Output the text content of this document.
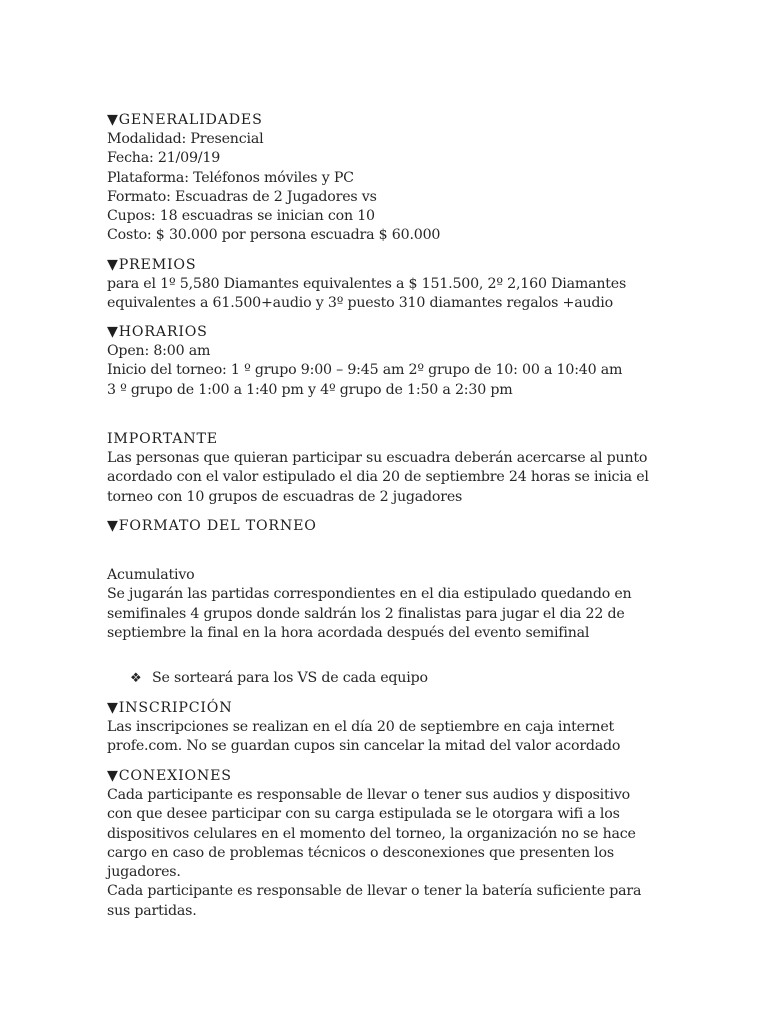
▼GENERALIDADES
Modalidad: Presencial
Fecha: 21/09/19
Plataforma: Teléfonos móviles y PC
Formato: Escuadras de 2 Jugadores vs
Cupos: 18 escuadras se inician con 10
Costo: $ 30.000 por persona escuadra $ 60.000
▼PREMIOS
para el 1º 5,580 Diamantes equivalentes a $ 151.500, 2º 2,160 Diamantes
equivalentes a 61.500+audio y 3º puesto 310 diamantes regalos +audio
▼HORARIOS
Open: 8:00 am
Inicio del torneo: 1 º grupo 9:00 – 9:45 am 2º grupo de 10: 00 a 10:40 am
3 º grupo de 1:00 a 1:40 pm y 4º grupo de 1:50 a 2:30 pm
IMPORTANTE
Las personas que quieran participar su escuadra deberán acercarse al punto
acordado con el valor estipulado el dia 20 de septiembre 24 horas se inicia el
torneo con 10 grupos de escuadras de 2 jugadores
▼FORMATO DEL TORNEO
Acumulativo
Se jugarán las partidas correspondientes en el dia estipulado quedando en
semifinales 4 grupos donde saldrán los 2 finalistas para jugar el dia 22 de
septiembre la final en la hora acordada después del evento semifinal
❖ Se sorteará para los VS de cada equipo
▼INSCRIPCIÓN
Las inscripciones se realizan en el día 20 de septiembre en caja internet
profe.com. No se guardan cupos sin cancelar la mitad del valor acordado
▼CONEXIONES
Cada participante es responsable de llevar o tener sus audios y dispositivo
con que desee participar con su carga estipulada se le otorgara wifi a los
dispositivos celulares en el momento del torneo, la organización no se hace
cargo en caso de problemas técnicos o desconexiones que presenten los
jugadores.
Cada participante es responsable de llevar o tener la batería suficiente para
sus partidas.
